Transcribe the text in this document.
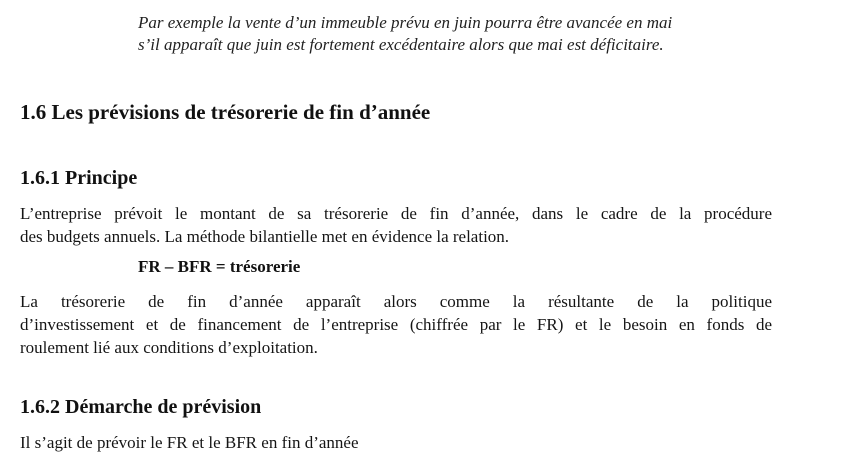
Par exemple la vente d’un immeuble prévu en juin pourra être avancée en mai
s’il apparaît que juin est fortement excédentaire alors que mai est déficitaire.
1.6 Les prévisions de trésorerie de fin d’année
1.6.1 Principe
L’entreprise prévoit le montant de sa trésorerie de fin d’année, dans le cadre de la procédure
des budgets annuels. La méthode bilantielle met en évidence la relation.
FR – BFR = trésorerie
La trésorerie de fin d’année apparaît alors comme la résultante de la politique
d’investissement et de financement de l’entreprise (chiffrée par le FR) et le besoin en fonds de
roulement lié aux conditions d’exploitation.
1.6.2 Démarche de prévision
Il s’agit de prévoir le FR et le BFR en fin d’année
